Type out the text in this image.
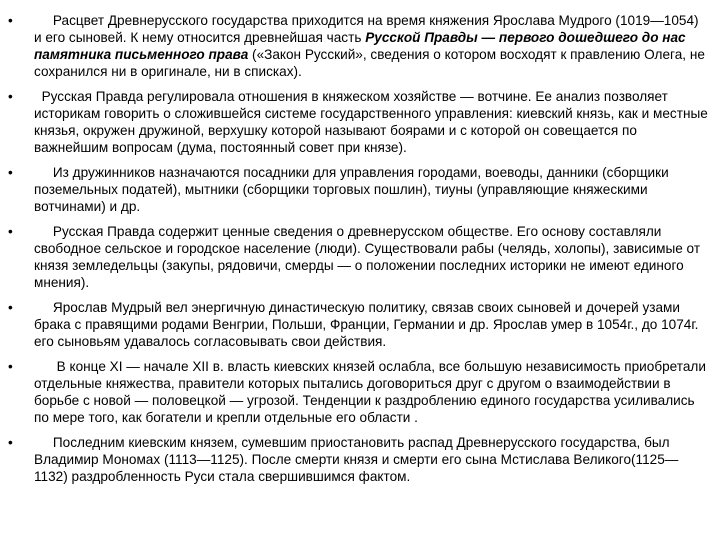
•	Расцвет Древнерусского государства приходится на время княжения Ярослава Мудрого (1019—1054) и его сыновей. К нему относится древнейшая часть Русской Правды — первого дошедшего до нас памятника письменного права («Закон Русский», сведения о котором восходят к правлению Олега, не сохранился ни в оригинале, ни в списках).
• Русская Правда регулировала отношения в княжеском хозяйстве — вотчине. Ее анализ позволяет историкам говорить о сложившейся системе государственного управления: киевский князь, как и местные князья, окружен дружиной, верхушку которой называют боярами и с которой он совещается по важнейшим вопросам (дума, постоянный совет при князе).
•	Из дружинников назначаются посадники для управления городами, воеводы, данники (сборщики поземельных податей), мытники (сборщики торговых пошлин), тиуны (управляющие княжескими вотчинами) и др.
•	Русская Правда содержит ценные сведения о древнерусском обществе. Его основу составляли свободное сельское и городское население (люди). Существовали рабы (челядь, холопы), зависимые от князя земледельцы (закупы, рядовичи, смерды — о положении последних историки не имеют единого мнения).
•	Ярослав Мудрый вел энергичную династическую политику, связав своих сыновей и дочерей узами брака с правящими родами Венгрии, Польши, Франции, Германии и др. Ярослав умер в 1054г., до 1074г. его сыновьям удавалось согласовывать свои действия.
•	В конце XI — начале XII в. власть киевских князей ослабла, все большую независимость приобретали отдельные княжества, правители которых пытались договориться друг с другом о взаимодействии в борьбе с новой — половецкой — угрозой. Тенденции к раздроблению единого государства усиливались по мере того, как богатели и крепли отдельные его области .
•	Последним киевским князем, сумевшим приостановить распад Древнерусского государства, был Владимир Мономах (1113—1125). После смерти князя и смерти его сына Мстислава Великого(1125—1132) раздробленность Руси стала свершившимся фактом.
